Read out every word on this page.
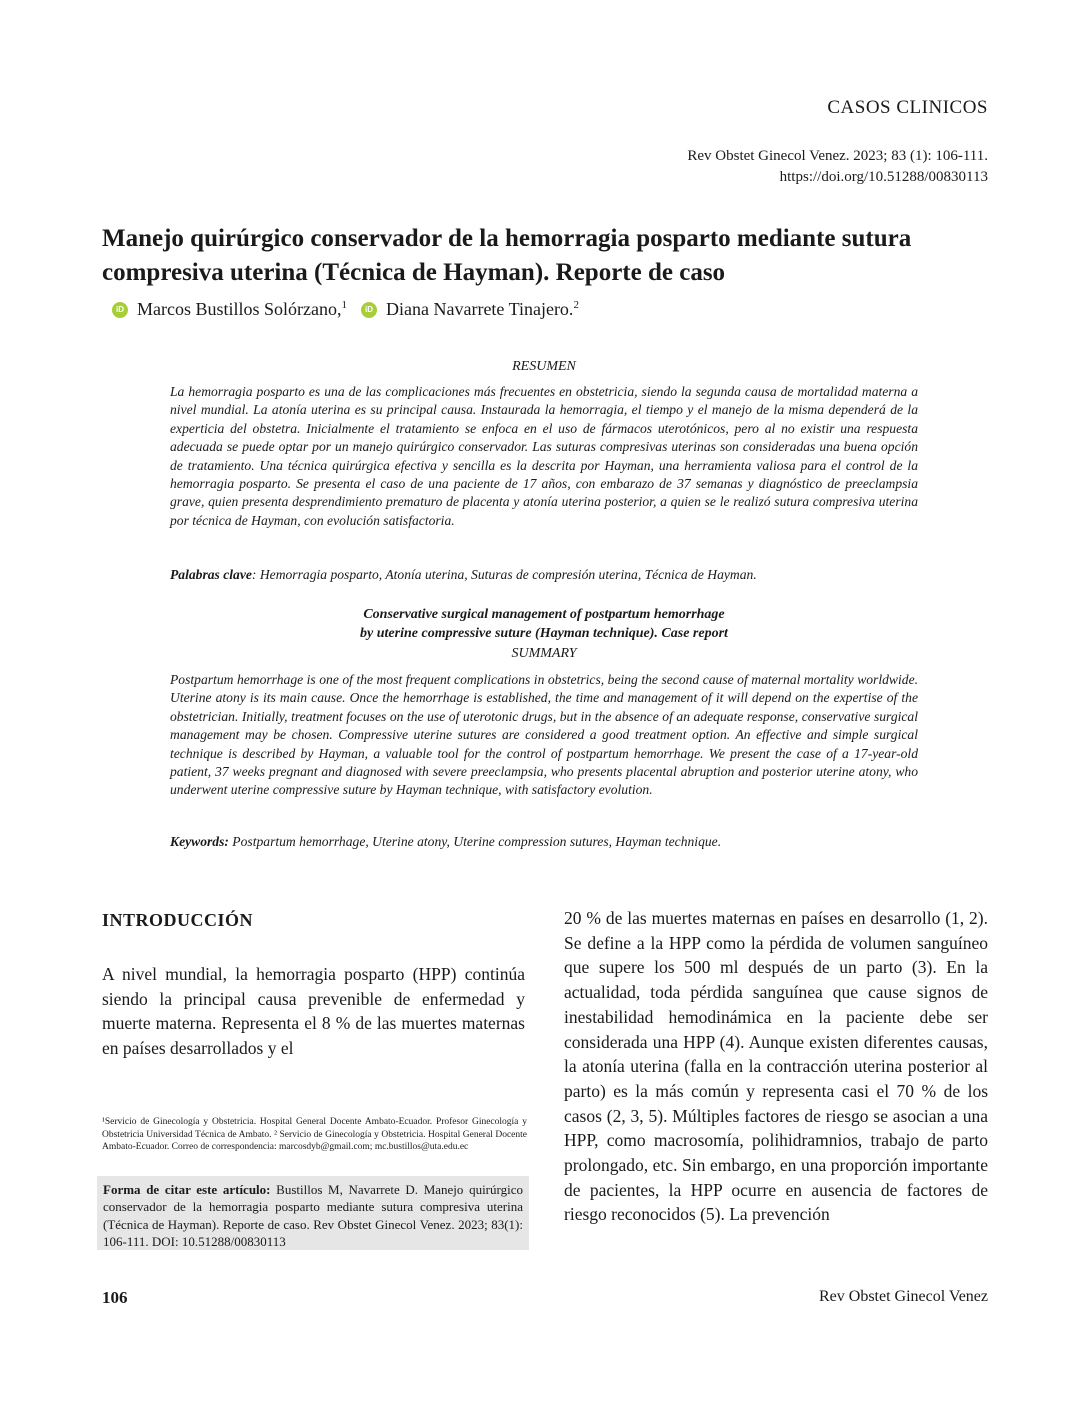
CASOS CLINICOS
Rev Obstet Ginecol Venez. 2023; 83 (1): 106-111.
https://doi.org/10.51288/00830113
Manejo quirúrgico conservador de la hemorragia posparto mediante sutura compresiva uterina (Técnica de Hayman). Reporte de caso
iD Marcos Bustillos Solórzano,$^1$	iD Diana Navarrete Tinajero.$^2$
RESUMEN
La hemorragia posparto es una de las complicaciones más frecuentes en obstetricia, siendo la segunda causa de mortalidad materna a nivel mundial. La atonía uterina es su principal causa. Instaurada la hemorragia, el tiempo y el manejo de la misma dependerá de la experticia del obstetra. Inicialmente el tratamiento se enfoca en el uso de fármacos uterotónicos, pero al no existir una respuesta adecuada se puede optar por un manejo quirúrgico conservador. Las suturas compresivas uterinas son consideradas una buena opción de tratamiento. Una técnica quirúrgica efectiva y sencilla es la descrita por Hayman, una herramienta valiosa para el control de la hemorragia posparto. Se presenta el caso de una paciente de 17 años, con embarazo de 37 semanas y diagnóstico de preeclampsia grave, quien presenta desprendimiento prematuro de placenta y atonía uterina posterior, a quien se le realizó sutura compresiva uterina por técnica de Hayman, con evolución satisfactoria.
Palabras clave: Hemorragia posparto, Atonía uterina, Suturas de compresión uterina, Técnica de Hayman.
Conservative surgical management of postpartum hemorrhage
by uterine compressive suture (Hayman technique). Case report
SUMMARY
Postpartum hemorrhage is one of the most frequent complications in obstetrics, being the second cause of maternal mortality worldwide. Uterine atony is its main cause. Once the hemorrhage is established, the time and management of it will depend on the expertise of the obstetrician. Initially, treatment focuses on the use of uterotonic drugs, but in the absence of an adequate response, conservative surgical management may be chosen. Compressive uterine sutures are considered a good treatment option. An effective and simple surgical technique is described by Hayman, a valuable tool for the control of postpartum hemorrhage. We present the case of a 17-year-old patient, 37 weeks pregnant and diagnosed with severe preeclampsia, who presents placental abruption and posterior uterine atony, who underwent uterine compressive suture by Hayman technique, with satisfactory evolution.
Keywords: Postpartum hemorrhage, Uterine atony, Uterine compression sutures, Hayman technique.
INTRODUCCIÓN
A nivel mundial, la hemorragia posparto (HPP) continúa siendo la principal causa prevenible de enfermedad y muerte materna. Representa el 8 % de las muertes maternas en países desarrollados y el
20 % de las muertes maternas en países en desarrollo (1, 2). Se define a la HPP como la pérdida de volumen sanguíneo que supere los 500 ml después de un parto (3). En la actualidad, toda pérdida sanguínea que cause signos de inestabilidad hemodinámica en la paciente debe ser considerada una HPP (4). Aunque existen diferentes causas, la atonía uterina (falla en la contracción uterina posterior al parto) es la más común y representa casi el 70 % de los casos (2, 3, 5). Múltiples factores de riesgo se asocian a una HPP, como macrosomía, polihidramnios, trabajo de parto prolongado, etc. Sin embargo, en una proporción importante de pacientes, la HPP ocurre en ausencia de factores de riesgo reconocidos (5). La prevención
¹Servicio de Ginecología y Obstetricia. Hospital General Docente Ambato-Ecuador. Profesor Ginecología y Obstetricia Universidad Técnica de Ambato. ² Servicio de Ginecología y Obstetricia. Hospital General Docente Ambato-Ecuador. Correo de correspondencia: marcosdyb@gmail.com; mc.bustillos@uta.edu.ec
Forma de citar este artículo: Bustillos M, Navarrete D. Manejo quirúrgico conservador de la hemorragia posparto mediante sutura compresiva uterina (Técnica de Hayman). Reporte de caso. Rev Obstet Ginecol Venez. 2023; 83(1): 106-111. DOI: 10.51288/00830113
106	Rev Obstet Ginecol Venez
